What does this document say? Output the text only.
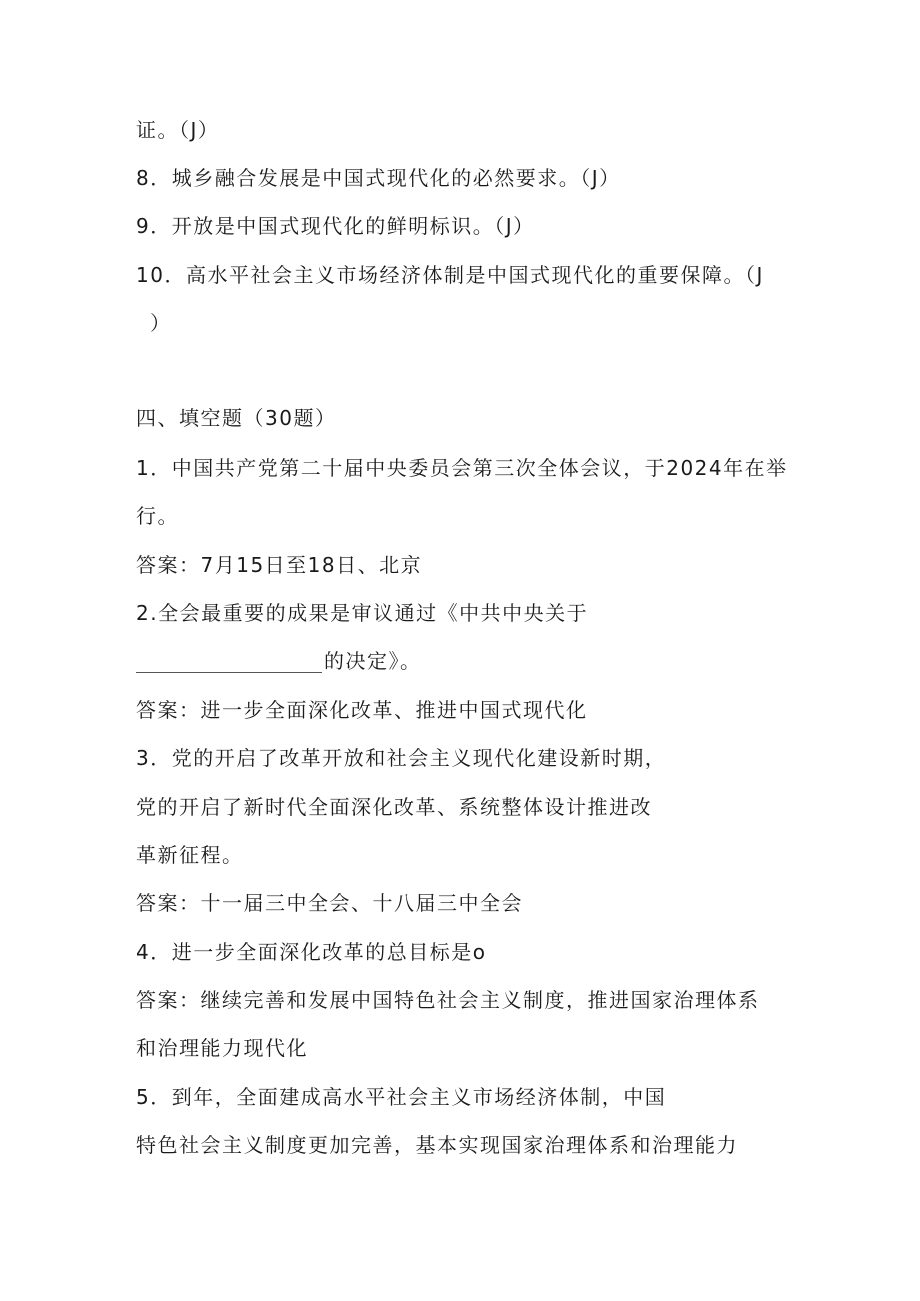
证。（J）
8．城乡融合发展是中国式现代化的必然要求。（J）
9．开放是中国式现代化的鲜明标识。（J）
10．高水平社会主义市场经济体制是中国式现代化的重要保障。（J
）
四、填空题（30题）
1．中国共产党第二十届中央委员会第三次全体会议，于2024年在举
行。
答案：7月15日至18日、北京
2.全会最重要的成果是审议通过《中共中央关于
的决定》。
答案：进一步全面深化改革、推进中国式现代化
3．党的开启了改革开放和社会主义现代化建设新时期，
党的开启了新时代全面深化改革、系统整体设计推进改
革新征程。
答案：十一届三中全会、十八届三中全会
4．进一步全面深化改革的总目标是o
答案：继续完善和发展中国特色社会主义制度，推进国家治理体系
和治理能力现代化
5．到年，全面建成高水平社会主义市场经济体制，中国
特色社会主义制度更加完善，基本实现国家治理体系和治理能力
